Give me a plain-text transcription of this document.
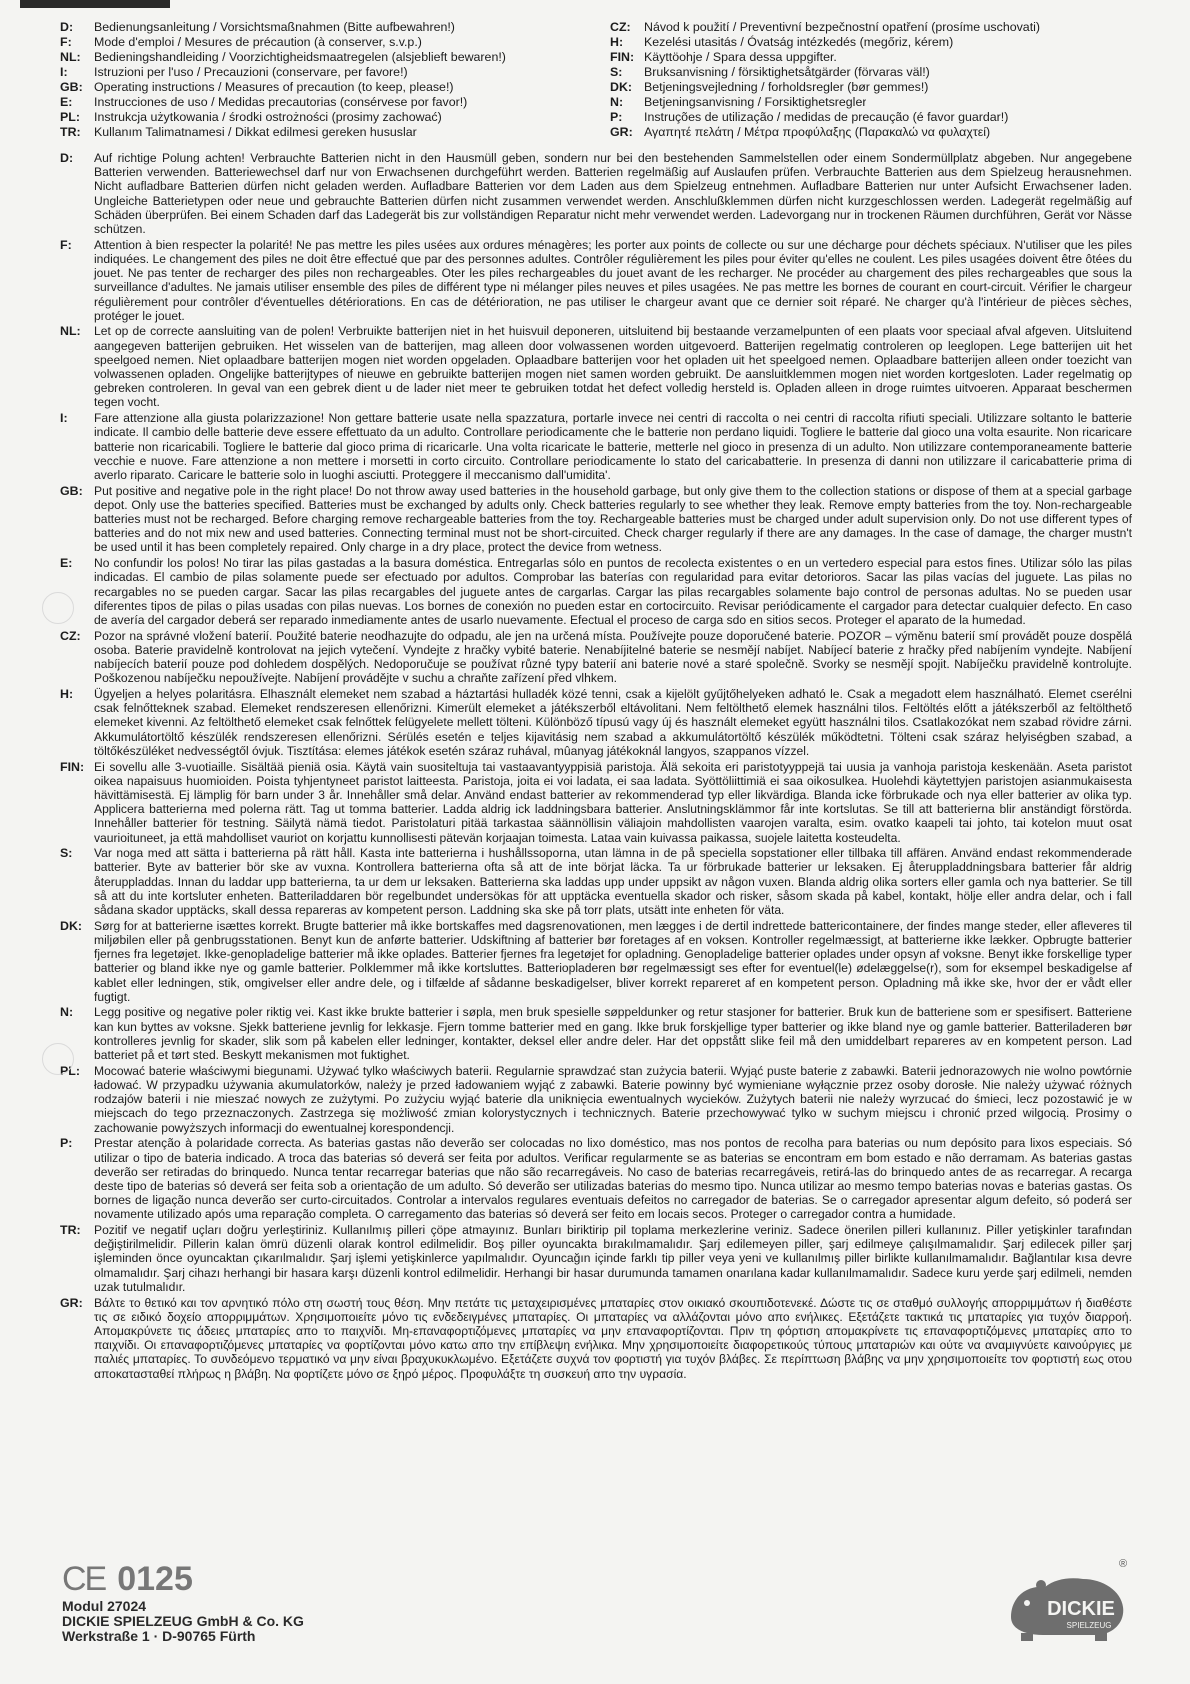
D:	Bedienungsanleitung / Vorsichtsmaßnahmen (Bitte aufbewahren!)
F:	Mode d'emploi / Mesures de précaution (à conserver, s.v.p.)
NL:	Bedieningshandleiding / Voorzichtigheidsmaatregelen (alsjeblieft bewaren!)
I:	Istruzioni per l'uso / Precauzioni (conservare, per favore!)
GB: Operating instructions / Measures of precaution (to keep, please!)
E:	Instrucciones de uso / Medidas precautorias (consérvese por favor!)
PL:	Instrukcja użytkowania / środki ostrożności (prosimy zachować)
TR:	Kullanım Talimatnamesi / Dikkat edilmesi gereken hususlar
CZ:	Návod k použití / Preventivní bezpečnostní opatření (prosíme uschovati)
H:	Kezelési utasitás / Óvatság intézkedés (megőriz, kérem)
FIN: Käyttöohje / Spara dessa uppgifter.
S:	Bruksanvisning / försiktighetsåtgärder (förvaras väl!)
DK: Betjeningsvejledning / forholdsregler (bør gemmes!)
N:	Betjeningsanvisning / Forsiktighetsregler
P:	Instruções de utilização / medidas de precaução (é favor guardar!)
GR: Αγαπητέ πελάτη / Μέτρα προφύλαξης (Παρακαλώ να φυλαχτεί)
D:	Auf richtige Polung achten! Verbrauchte Batterien nicht in den Hausmüll geben, sondern nur bei den bestehenden Sammelstellen oder einem Sondermüllplatz abgeben. Nur angegebene Batterien verwenden. Batteriewechsel darf nur von Erwachsenen durchgeführt werden. Batterien regelmäßig auf Auslaufen prüfen. Verbrauchte Batterien aus dem Spielzeug herausnehmen. Nicht aufladbare Batterien dürfen nicht geladen werden. Aufladbare Batterien vor dem Laden aus dem Spielzeug entnehmen. Aufladbare Batterien nur unter Aufsicht Erwachsener laden. Ungleiche Batterietypen oder neue und gebrauchte Batterien dürfen nicht zusammen verwendet werden. Anschlußklemmen dürfen nicht kurzgeschlossen werden. Ladegerät regelmäßig auf Schäden überprüfen. Bei einem Schaden darf das Ladegerät bis zur vollständigen Reparatur nicht mehr verwendet werden. Ladevorgang nur in trockenen Räumen durchführen, Gerät vor Nässe schützen.
F:	Attention à bien respecter la polarité! Ne pas mettre les piles usées aux ordures ménagères; les porter aux points de collecte ou sur une décharge pour déchets spéciaux. N'utiliser que les piles indiquées. Le changement des piles ne doit être effectué que par des personnes adultes. Contrôler régulièrement les piles pour éviter qu'elles ne coulent. Les piles usagées doivent être ôtées du jouet. Ne pas tenter de recharger des piles non rechargeables. Oter les piles rechargeables du jouet avant de les recharger. Ne procéder au chargement des piles rechargeables que sous la surveillance d'adultes. Ne jamais utiliser ensemble des piles de différent type ni mélanger piles neuves et piles usagées. Ne pas mettre les bornes de courant en court-circuit. Vérifier le chargeur régulièrement pour contrôler d'éventuelles détériorations. En cas de détérioration, ne pas utiliser le chargeur avant que ce dernier soit réparé. Ne charger qu'à l'intérieur de pièces sèches, protéger le jouet.
NL:	Let op de correcte aansluiting van de polen! Verbruikte batterijen niet in het huisvuil deponeren, uitsluitend bij bestaande verzamelpunten of een plaats voor speciaal afval afgeven. Uitsluitend aangegeven batterijen gebruiken. Het wisselen van de batterijen, mag alleen door volwassenen worden uitgevoerd. Batterijen regelmatig controleren op leeglopen. Lege batterijen uit het speelgoed nemen. Niet oplaadbare batterijen mogen niet worden opgeladen. Oplaadbare batterijen voor het opladen uit het speelgoed nemen. Oplaadbare batterijen alleen onder toezicht van volwassenen opladen. Ongelijke batterijtypes of nieuwe en gebruikte batterijen mogen niet samen worden gebruikt. De aansluitklemmen mogen niet worden kortgesloten. Lader regelmatig op gebreken controleren. In geval van een gebrek dient u de lader niet meer te gebruiken totdat het defect volledig hersteld is. Opladen alleen in droge ruimtes uitvoeren. Apparaat beschermen tegen vocht.
I:	Fare attenzione alla giusta polarizzazione! Non gettare batterie usate nella spazzatura, portarle invece nei centri di raccolta o nei centri di raccolta rifiuti speciali. Utilizzare soltanto le batterie indicate. Il cambio delle batterie deve essere effettuato da un adulto. Controllare periodicamente che le batterie non perdano liquidi. Togliere le batterie dal gioco una volta esaurite. Non ricaricare batterie non ricaricabili. Togliere le batterie dal gioco prima di ricaricarle. Una volta ricaricate le batterie, metterle nel gioco in presenza di un adulto. Non utilizzare contemporaneamente batterie vecchie e nuove. Fare attenzione a non mettere i morsetti in corto circuito. Controllare periodicamente lo stato del caricabatterie. In presenza di danni non utilizzare il caricabatterie prima di averlo riparato. Caricare le batterie solo in luoghi asciutti. Proteggere il meccanismo dall'umidita'.
GB: Put positive and negative pole in the right place! Do not throw away used batteries in the household garbage, but only give them to the collection stations or dispose of them at a special garbage depot. Only use the batteries specified. Batteries must be exchanged by adults only. Check batteries regularly to see whether they leak. Remove empty batteries from the toy. Non-rechargeable batteries must not be recharged. Before charging remove rechargeable batteries from the toy. Rechargeable batteries must be charged under adult supervision only. Do not use different types of batteries and do not mix new and used batteries. Connecting terminal must not be short-circuited. Check charger regularly if there are any damages. In the case of damage, the charger mustn't be used until it has been completely repaired. Only charge in a dry place, protect the device from wetness.
E:	No confundir los polos! No tirar las pilas gastadas a la basura doméstica. Entregarlas sólo en puntos de recolecta existentes o en un vertedero especial para estos fines. Utilizar sólo las pilas indicadas. El cambio de pilas solamente puede ser efectuado por adultos. Comprobar las baterías con regularidad para evitar detorioros. Sacar las pilas vacías del juguete. Las pilas no recargables no se pueden cargar. Sacar las pilas recargables del juguete antes de cargarlas. Cargar las pilas recargables solamente bajo control de personas adultas. No se pueden usar diferentes tipos de pilas o pilas usadas con pilas nuevas. Los bornes de conexión no pueden estar en cortocircuito. Revisar periódicamente el cargador para detectar cualquier defecto. En caso de avería del cargador deberá ser reparado inmediamente antes de usarlo nuevamente. Efectual el proceso de carga sdo en sitios secos. Proteger el aparato de la humedad.
CZ:	Pozor na správné vložení baterií. Použité baterie neodhazujte do odpadu, ale jen na určená místa. Používejte pouze doporučené baterie. POZOR – výměnu baterií smí provádět pouze dospělá osoba. Baterie pravidelně kontrolovat na jejich vytečení. Vyndejte z hračky vybité baterie. Nenabíjitelné baterie se nesmějí nabíjet. Nabíjecí baterie z hračky před nabíjením vyndejte. Nabíjení nabíjecích baterií pouze pod dohledem dospělých. Nedoporučuje se používat různé typy baterií ani baterie nové a staré společně. Svorky se nesmějí spojit. Nabíječku pravidelně kontrolujte. Poškozenou nabíječku nepoužívejte. Nabíjení provádějte v suchu a chraňte zařízení před vlhkem.
H:	Ügyeljen a helyes polaritásra. Elhasznált elemeket nem szabad a háztartási hulladék közé tenni, csak a kijelölt gyűjtőhelyeken adható le. Csak a megadott elem használható. Elemet cserélni csak felnőtteknek szabad. Elemeket rendszeresen ellenőrizni. Kimerült elemeket a játékszerből eltávolitani. Nem feltölthető elemek használni tilos. Feltöltés előtt a játékszerből az feltölthető elemeket kivenni. Az feltölthető elemeket csak felnőttek felügyelete mellett tölteni. Különböző típusú vagy új és használt elemeket együtt használni tilos. Csatlakozókat nem szabad rövidre zárni. Akkumulátortöltő készülék rendszeresen ellenőrizni. Sérülés esetén e teljes kijavitásig nem szabad a akkumulátortöltő készülék működtetni. Tölteni csak száraz helyiségben szabad, a töltőkészüléket nedvességtől óvjuk. Tisztítása: elemes játékok esetén száraz ruhával, mûanyag játékoknál langyos, szappanos vízzel.
FIN: Ei sovellu alle 3-vuotiaille. Sisältää pieniä osia. Käytä vain suositeltuja tai vastaavantyyppisiä paristoja. Älä sekoita eri paristotyyppejä tai uusia ja vanhoja paristoja keskenään. Aseta paristot oikea napaisuus huomioiden. Poista tyhjentyneet paristot laitteesta. Paristoja, joita ei voi ladata, ei saa ladata. Syöttöliittimiä ei saa oikosulkea. Huolehdi käytettyjen paristojen asianmukaisesta hävittämisestä. Ej lämplig för barn under 3 år. Innehåller små delar. Använd endast batterier av rekommenderad typ eller likvärdiga. Blanda icke förbrukade och nya eller batterier av olika typ. Applicera batterierna med polerna rätt. Tag ut tomma batterier. Ladda aldrig ick laddningsbara batterier. Anslutningsklämmor får inte kortslutas. Se till att batterierna blir anständigt förstörda. Innehåller batterier för testning. Säilytä nämä tiedot. Paristolaturi pitää tarkastaa säännöllisin väliajoin mahdollisten vaarojen varalta, esim. ovatko kaapeli tai johto, tai kotelon muut osat vaurioituneet, ja että mahdolliset vauriot on korjattu kunnollisesti pätevän korjaajan toimesta. Lataa vain kuivassa paikassa, suojele laitetta kosteudelta.
S:	Var noga med att sätta i batterierna på rätt håll. Kasta inte batterierna i hushållssoporna, utan lämna in de på speciella sopstationer eller tillbaka till affären. Använd endast rekommenderade batterier. Byte av batterier bör ske av vuxna. Kontrollera batterierna ofta så att de inte börjat läcka. Ta ur förbrukade batterier ur leksaken. Ej återuppladdningsbara batterier får aldrig återuppladdas. Innan du laddar upp batterierna, ta ur dem ur leksaken. Batterierna ska laddas upp under uppsikt av någon vuxen. Blanda aldrig olika sorters eller gamla och nya batterier. Se till så att du inte kortsluter enheten. Batteriladdaren bör regelbundet undersökas för att upptäcka eventuella skador och risker, såsom skada på kabel, kontakt, hölje eller andra delar, och i fall sådana skador upptäcks, skall dessa repareras av kompetent person. Laddning ska ske på torr plats, utsätt inte enheten för väta.
DK: Sørg for at batterierne isættes korrekt. Brugte batterier må ikke bortskaffes med dagsrenovationen, men lægges i de dertil indrettede battericontainere, der findes mange steder, eller afleveres til miljøbilen eller på genbrugsstationen. Benyt kun de anførte batterier. Udskiftning af batterier bør foretages af en voksen. Kontroller regelmæssigt, at batterierne ikke lækker. Opbrugte batterier fjernes fra legetøjet. Ikke-genopladelige batterier må ikke oplades. Batterier fjernes fra legetøjet for opladning. Genopladelige batterier oplades under opsyn af voksne. Benyt ikke forskellige typer batterier og bland ikke nye og gamle batterier. Polklemmer må ikke kortsluttes. Batteriopladeren bør regelmæssigt ses efter for eventuel(le) ødelæggelse(r), som for eksempel beskadigelse af kablet eller ledningen, stik, omgivelser eller andre dele, og i tilfælde af sådanne beskadigelser, bliver korrekt repareret af en kompetent person. Opladning må ikke ske, hvor der er vådt eller fugtigt.
N:	Legg positive og negative poler riktig vei. Kast ikke brukte batterier i søpla, men bruk spesielle søppeldunker og retur stasjoner for batterier. Bruk kun de batteriene som er spesifisert. Batteriene kan kun byttes av voksne. Sjekk batteriene jevnlig for lekkasje. Fjern tomme batterier med en gang. Ikke bruk forskjellige typer batterier og ikke bland nye og gamle batterier. Batteriladeren bør kontrolleres jevnlig for skader, slik som på kabelen eller ledninger, kontakter, deksel eller andre deler. Har det oppstått slike feil må den umiddelbart repareres av en kompetent person. Lad batteriet på et tørt sted. Beskytt mekanismen mot fuktighet.
PL:	Mocować baterie właściwymi biegunami. Używać tylko właściwych baterii. Regularnie sprawdzać stan zużycia baterii. Wyjąć puste baterie z zabawki. Baterii jednorazowych nie wolno powtórnie ładować. W przypadku używania akumulatorków, należy je przed ładowaniem wyjąć z zabawki. Baterie powinny być wymieniane wyłącznie przez osoby dorosłe. Nie należy używać różnych rodzajów baterii i nie mieszać nowych ze zużytymi. Po zużyciu wyjąć baterie dla uniknięcia ewentualnych wycieków. Zużytych baterii nie należy wyrzucać do śmieci, lecz pozostawić je w miejscach do tego przeznaczonych. Zastrzega się możliwość zmian kolorystycznych i technicznych. Baterie przechowywać tylko w suchym miejscu i chronić przed wilgocią. Prosimy o zachowanie powyższych informacji do ewentualnej korespondencji.
P:	Prestar atenção à polaridade correcta. As baterias gastas não deverão ser colocadas no lixo doméstico, mas nos pontos de recolha para baterias ou num depósito para lixos especiais. Só utilizar o tipo de bateria indicado. A troca das baterias só deverá ser feita por adultos. Verificar regularmente se as baterias se encontram em bom estado e não derramam. As baterias gastas deverão ser retiradas do brinquedo. Nunca tentar recarregar baterias que não são recarregáveis. No caso de baterias recarregáveis, retirá-las do brinquedo antes de as recarregar. A recarga deste tipo de baterias só deverá ser feita sob a orientação de um adulto. Só deverão ser utilizadas baterias do mesmo tipo. Nunca utilizar ao mesmo tempo baterias novas e baterias gastas. Os bornes de ligação nunca deverão ser curto-circuitados. Controlar a intervalos regulares eventuais defeitos no carregador de baterias. Se o carregador apresentar algum defeito, só poderá ser novamente utilizado após uma reparação completa. O carregamento das baterias só deverá ser feito em locais secos. Proteger o carregador contra a humidade.
TR:	Pozitif ve negatif uçları doğru yerleştiriniz. Kullanılmış pilleri çöpe atmayınız. Bunları biriktirip pil toplama merkezlerine veriniz. Sadece önerilen pilleri kullanınız. Piller yetişkinler tarafından değiştirilmelidir. Pillerin kalan ömrü düzenli olarak kontrol edilmelidir. Boş piller oyuncakta bırakılmamalıdır. Şarj edilemeyen piller, şarj edilmeye çalışılmamalıdır. Şarj edilecek piller şarj işleminden önce oyuncaktan çıkarılmalıdır. Şarj işlemi yetişkinlerce yapılmalıdır. Oyuncağın içinde farklı tip piller veya yeni ve kullanılmış piller birlikte kullanılmamalıdır. Bağlantılar kısa devre olmamalıdır. Şarj cihazı herhangi bir hasara karşı düzenli kontrol edilmelidir. Herhangi bir hasar durumunda tamamen onarılana kadar kullanılmamalıdır. Sadece kuru yerde şarj edilmeli, nemden uzak tutulmalıdır.
GR: Βάλτε το θετικό και τον αρνητικό πόλο στη σωστή τους θέση. Μην πετάτε τις μεταχειρισμένες μπαταρίες στον οικιακό σκουπιδοτενεκέ. Δώστε τις σε σταθμό συλλογής απορριμμάτων ή διαθέστε τις σε ειδικό δοχείο απορριμμάτων. Χρησιμοποιείτε μόνο τις ενδεδειγμένες μπαταρίες. Οι μπαταρίες να αλλάζονται μόνο απο ενήλικες. Εξετάζετε τακτικά τις μπαταρίες για τυχόν διαρροή. Απομακρύνετε τις άδειες μπαταρίες απο το παιχνίδι. Μη-επαναφορτιζόμενες μπαταρίες να μην επαναφορτίζονται. Πριν τη φόρτιση απομακρίνετε τις επαναφορτιζόμενες μπαταρίες απο το παιχνίδι. Οι επαναφορτιζόμενες μπαταρίες να φορτίζονται μόνο κατω απο την επίβλεψη ενήλικα. Μην χρησιμοποιείτε διαφορετικούς τύπους μπαταριών και ούτε να αναμιγνύετε καινούργιες με παλιές μπαταρίες. Το συνδεόμενο τερματικό να μην είναι βραχυκυκλωμένο. Εξετάζετε συχνά τον φορτιστή για τυχόν βλάβες. Σε περίπτωση βλάβης να μην χρησιμοποιείτε τον φορτιστή εως οτου αποκατασταθεί πλήρως η βλάβη. Να φορτίζετε μόνο σε ξηρό μέρος. Προφυλάξτε τη συσκευή απο την υγρασία.
CE 0125
Modul 27024
DICKIE SPIELZEUG GmbH & Co. KG
Werkstraße 1 · D-90765 Fürth
DICKIE
SPIELZEUG
®
